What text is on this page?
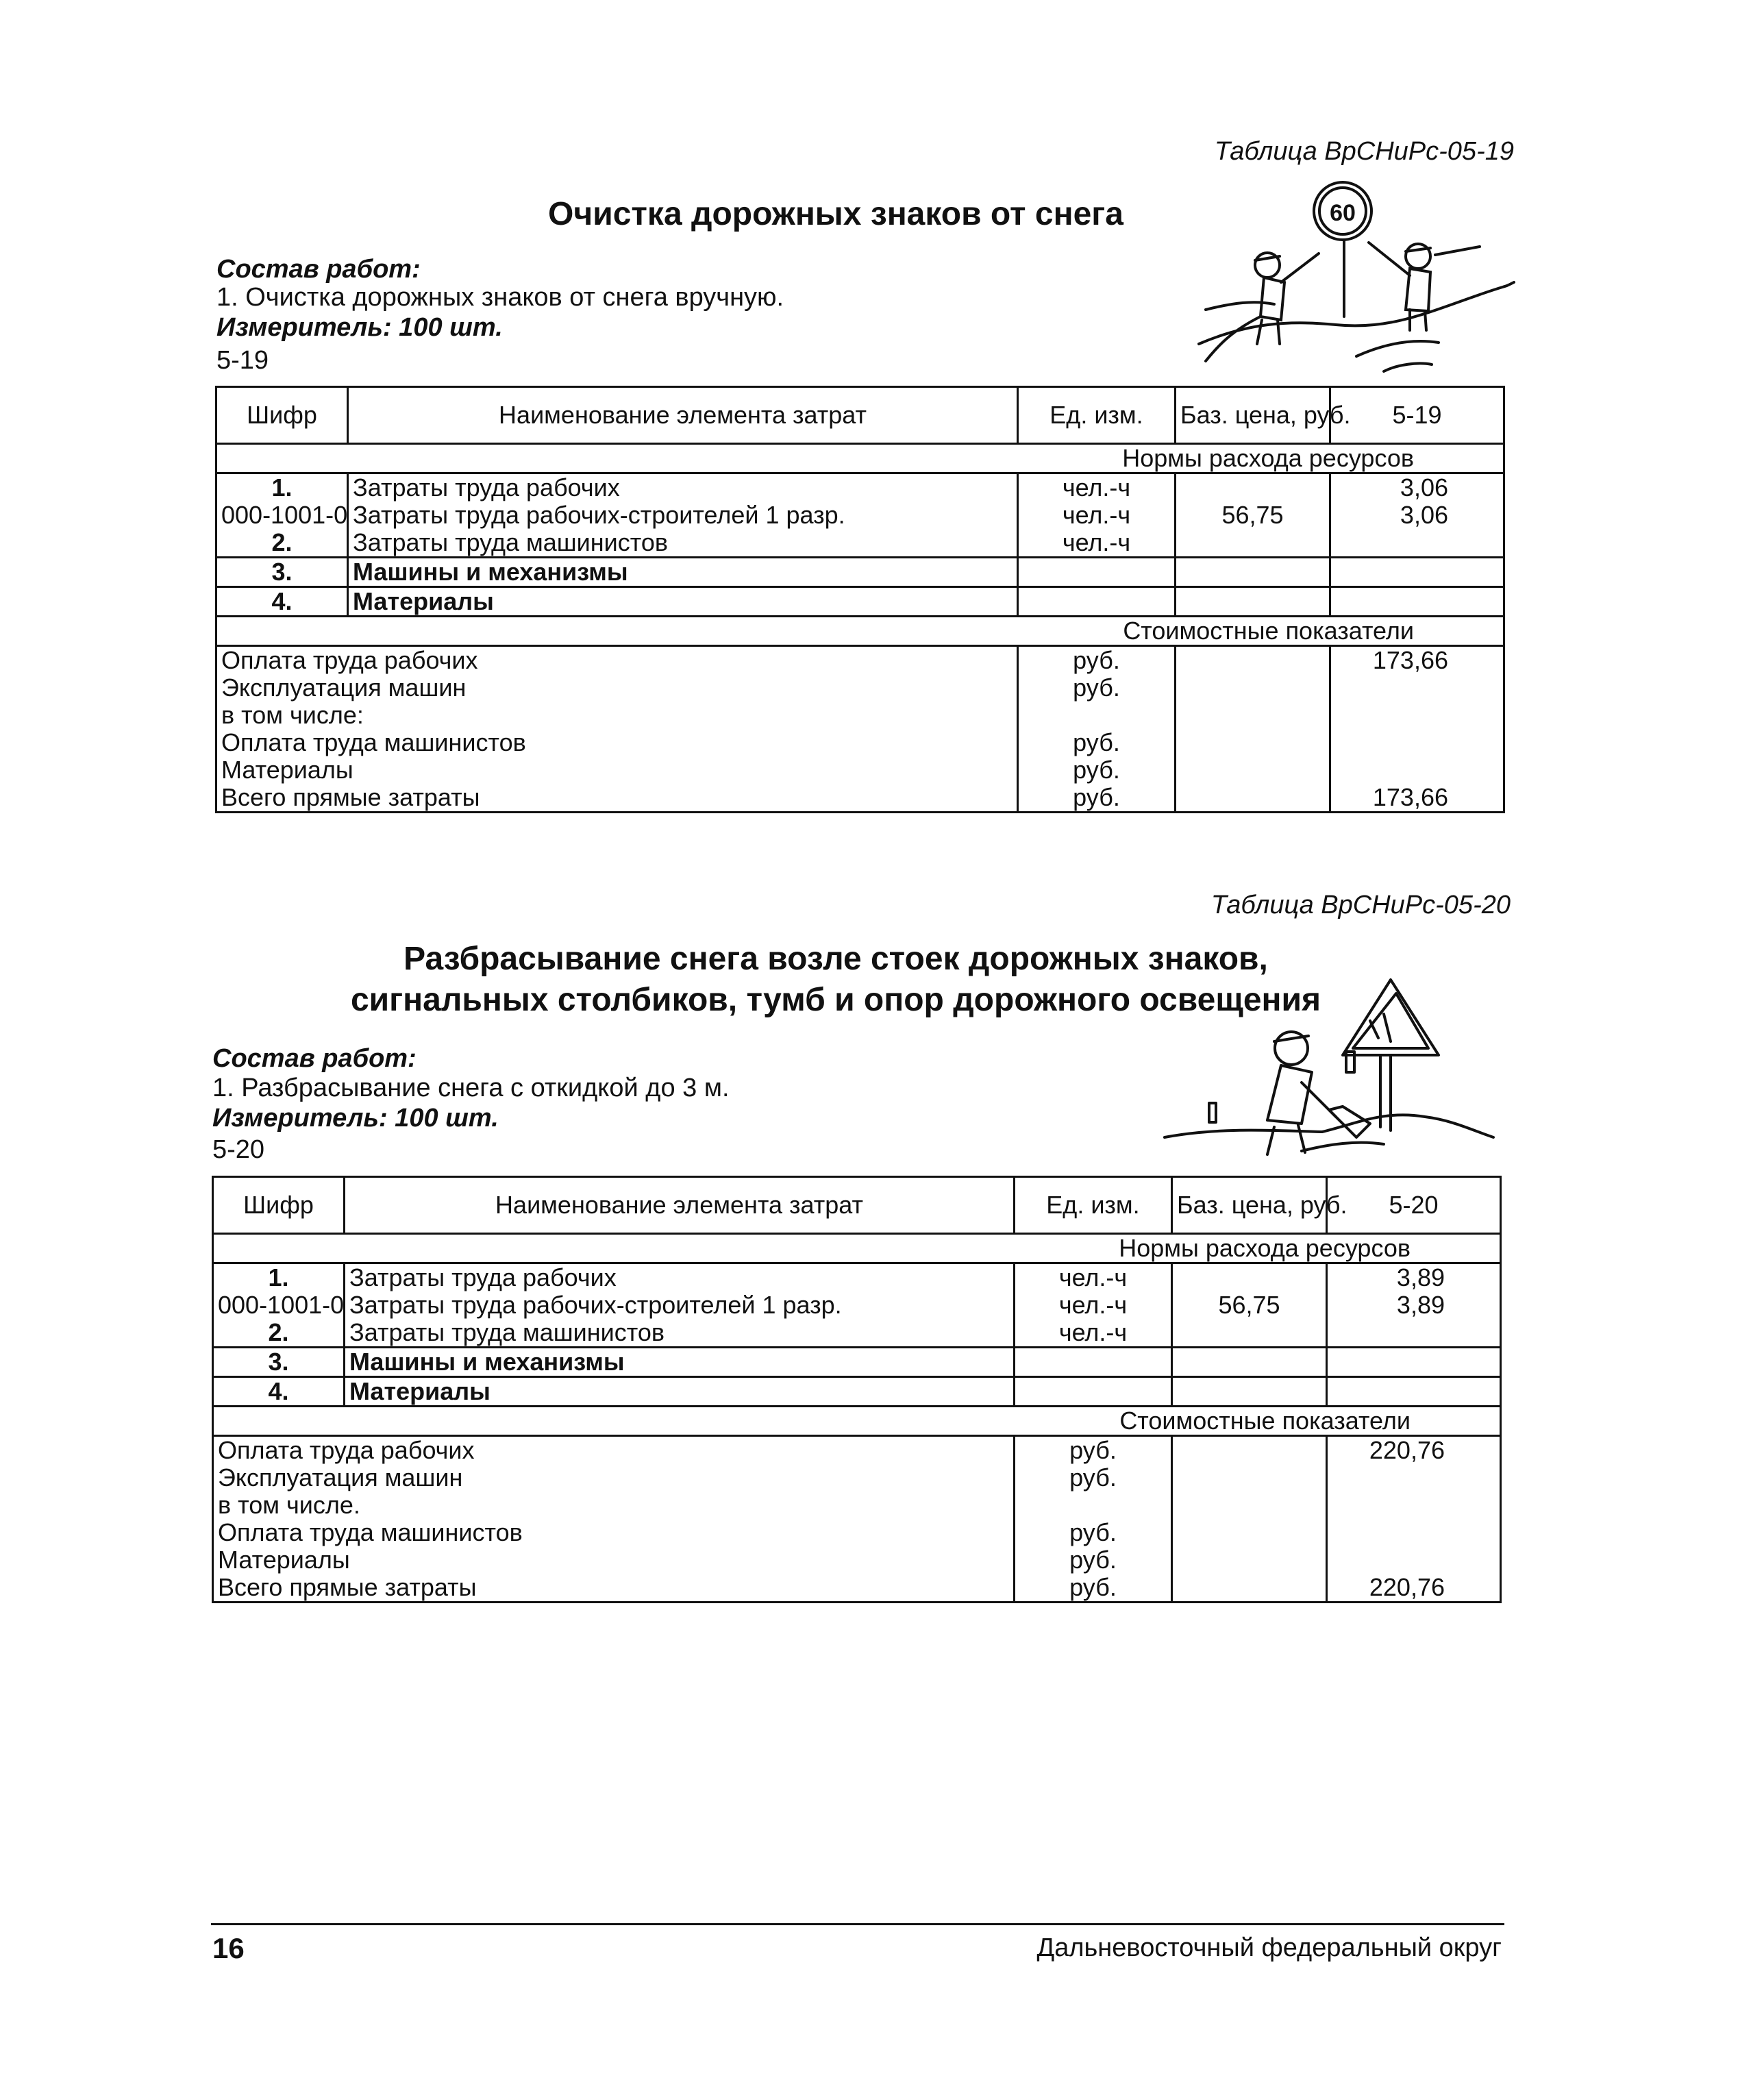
Таблица ВрСНиРс-05-19
Очистка дорожных знаков от снега
Состав работ:
1. Очистка дорожных знаков от снега вручную.
Измеритель: 100 шт.
5-19
60
Шифр	Наименование элемента затрат	Ед. изм.	Баз. цена, руб.	5-19
Нормы расхода ресурсов				
1.	Затраты труда рабочих	чел.-ч		3,06
000-1001-0	Затраты труда рабочих-строителей 1 разр.	чел.-ч	56,75	3,06
2.	Затраты труда машинистов	чел.-ч		
3.	Машины и механизмы			
4.	Материалы			
Стоимостные показатели				
Оплата труда рабочих		руб.		173,66
Эксплуатация машин		руб.		
в том числе:				
Оплата труда машинистов		руб.		
Материалы		руб.		
Всего прямые затраты		руб.		173,66
Таблица ВрСНиРс-05-20
Разбрасывание снега возле стоек дорожных знаков,
сигнальных столбиков, тумб и опор дорожного освещения
Состав работ:
1. Разбрасывание снега с откидкой до 3 м.
Измеритель: 100 шт.
5-20
Шифр	Наименование элемента затрат	Ед. изм.	Баз. цена, руб.	5-20
Нормы расхода ресурсов				
1.	Затраты труда рабочих	чел.-ч		3,89
000-1001-0	Затраты труда рабочих-строителей 1 разр.	чел.-ч	56,75	3,89
2.	Затраты труда машинистов	чел.-ч		
3.	Машины и механизмы			
4.	Материалы			
Стоимостные показатели				
Оплата труда рабочих		руб.		220,76
Эксплуатация машин		руб.		
в том числе.				
Оплата труда машинистов		руб.		
Материалы		руб.		
Всего прямые затраты		руб.		220,76
16	Дальневосточный федеральный округ
